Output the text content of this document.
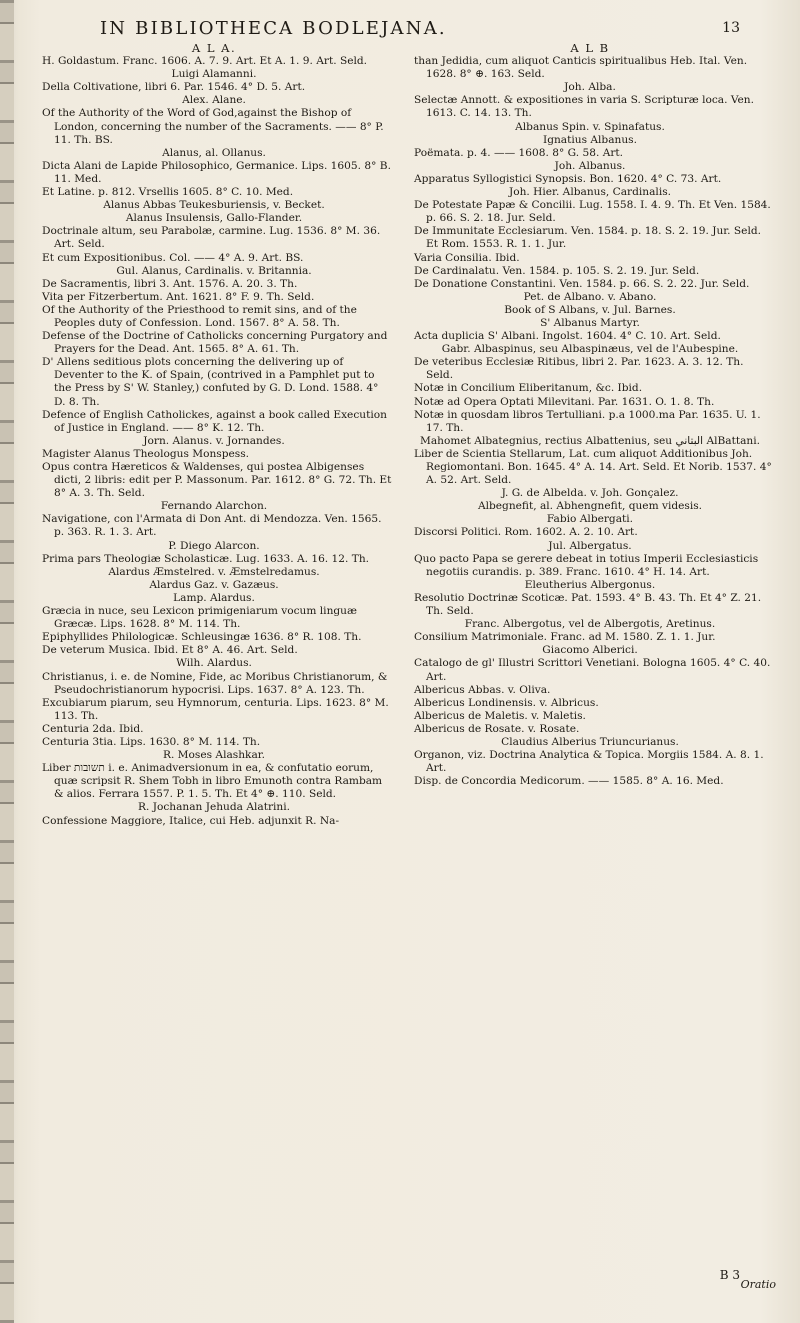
IN BIBLIOTHECA BODLEJANA.	13

A L A.

H. Goldastum. Franc. 1606. A. 7. 9. Art. Et A. 1. 9. Art. Seld.

Luigi Alamanni.

Della Coltivatione, libri 6. Par. 1546. 4° D. 5. Art.

Alex. Alane.

Of the Authority of the Word of God,against the Bishop of London, concerning the number of the Sacraments. —— 8° P. 11. Th. BS.

Alanus, al. Ollanus.

Dicta Alani de Lapide Philosophico, Germanice. Lips. 1605. 8° B. 11. Med.

Et Latine. p. 812. Vrsellis 1605. 8° C. 10. Med.

Alanus Abbas Teukesburiensis, v. Becket.

Alanus Insulensis, Gallo-Flander.

Doctrinale altum, seu Parabolæ, carmine. Lug. 1536. 8° M. 36. Art. Seld.

Et cum Expositionibus. Col. —— 4° A. 9. Art. BS.

Gul. Alanus, Cardinalis. v. Britannia.

De Sacramentis, libri 3. Ant. 1576. A. 20. 3. Th.

Vita per Fitzerbertum. Ant. 1621. 8° F. 9. Th. Seld.

Of the Authority of the Priesthood to remit sins, and of the Peoples duty of Confession. Lond. 1567. 8° A. 58. Th.

Defense of the Doctrine of Catholicks concerning Purgatory and Prayers for the Dead. Ant. 1565. 8° A. 61. Th.

D' Allens seditious plots concerning the delivering up of Deventer to the K. of Spain, (contrived in a Pamphlet put to the Press by S' W. Stanley,) confuted by G. D. Lond. 1588. 4° D. 8. Th.

Defence of English Catholickes, against a book called Execution of Justice in England. —— 8° K. 12. Th.

Jorn. Alanus. v. Jornandes.

Magister Alanus Theologus Monspess.

Opus contra Hæreticos & Waldenses, qui postea Albigenses dicti, 2 libris: edit per P. Massonum. Par. 1612. 8° G. 72. Th. Et 8° A. 3. Th. Seld.

Fernando Alarchon.

Navigatione, con l'Armata di Don Ant. di Mendozza. Ven. 1565. p. 363. R. 1. 3. Art.

P. Diego Alarcon.

Prima pars Theologiæ Scholasticæ. Lug. 1633. A. 16. 12. Th.

Alardus Æmstelred. v. Æmstelredamus.

Alardus Gaz. v. Gazæus.

Lamp. Alardus.

Græcia in nuce, seu Lexicon primigeniarum vocum linguæ Græcæ. Lips. 1628. 8° M. 114. Th.

Epiphyllides Philologicæ. Schleusingæ 1636. 8° R. 108. Th.

De veterum Musica. Ibid. Et 8° A. 46. Art. Seld.

Wilh. Alardus.

Christianus, i. e. de Nomine, Fide, ac Moribus Christianorum, & Pseudochristianorum hypocrisi. Lips. 1637. 8° A. 123. Th.

Excubiarum piarum, seu Hymnorum, centuria. Lips. 1623. 8° M. 113. Th.

Centuria 2da. Ibid.

Centuria 3tia. Lips. 1630. 8° M. 114. Th.

R. Moses Alashkar.

Liber תשובות i. e. Animadversionum in ea, & confutatio eorum, quæ scripsit R. Shem Tobh in libro Emunoth contra Rambam & alios. Ferrara 1557. P. 1. 5. Th. Et 4° ⊕. 110. Seld.

R. Jochanan Jehuda Alatrini.

Confessione Maggiore, Italice, cui Heb. adjunxit R. Na-

A L B

than Jedidia, cum aliquot Canticis spiritualibus Heb. Ital. Ven. 1628. 8° ⊕. 163. Seld.

Joh. Alba.

Selectæ Annott. & expositiones in varia S. Scripturæ loca. Ven. 1613. C. 14. 13. Th.

Albanus Spin. v. Spinafatus.

Ignatius Albanus.

Poëmata. p. 4. —— 1608. 8° G. 58. Art.

Joh. Albanus.

Apparatus Syllogistici Synopsis. Bon. 1620. 4° C. 73. Art.

Joh. Hier. Albanus, Cardinalis.

De Potestate Papæ & Concilii. Lug. 1558. I. 4. 9. Th. Et Ven. 1584. p. 66. S. 2. 18. Jur. Seld.

De Immunitate Ecclesiarum. Ven. 1584. p. 18. S. 2. 19. Jur. Seld. Et Rom. 1553. R. 1. 1. Jur.

Varia Consilia. Ibid.

De Cardinalatu. Ven. 1584. p. 105. S. 2. 19. Jur. Seld.

De Donatione Constantini. Ven. 1584. p. 66. S. 2. 22. Jur. Seld.

Pet. de Albano. v. Abano.

Book of S Albans, v. Jul. Barnes.

S' Albanus Martyr.

Acta duplicia S' Albani. Ingolst. 1604. 4° C. 10. Art. Seld.

Gabr. Albaspinus, seu Albaspinæus, vel de l'Aubespine.

De veteribus Ecclesiæ Ritibus, libri 2. Par. 1623. A. 3. 12. Th. Seld.

Notæ in Concilium Eliberitanum, &c. Ibid.

Notæ ad Opera Optati Milevitani. Par. 1631. O. 1. 8. Th.

Notæ in quosdam libros Tertulliani. p.a 1000.ma Par. 1635. U. 1. 17. Th.

Mahomet Albategnius, rectius Albattenius, seu البتاني AlBattani.

Liber de Scientia Stellarum, Lat. cum aliquot Additionibus Joh. Regiomontani. Bon. 1645. 4° A. 14. Art. Seld. Et Norib. 1537. 4° A. 52. Art. Seld.

J. G. de Albelda. v. Joh. Gonçalez.

Albegnefit, al. Abhengnefit, quem videsis.

Fabio Albergati.

Discorsi Politici. Rom. 1602. A. 2. 10. Art.

Jul. Albergatus.

Quo pacto Papa se gerere debeat in totius Imperii Ecclesiasticis negotiis curandis. p. 389. Franc. 1610. 4° H. 14. Art.

Eleutherius Albergonus.

Resolutio Doctrinæ Scoticæ. Pat. 1593. 4° B. 43. Th. Et 4° Z. 21. Th. Seld.

Franc. Albergotus, vel de Albergotis, Aretinus.

Consilium Matrimoniale. Franc. ad M. 1580. Z. 1. 1. Jur.

Giacomo Alberici.

Catalogo de gl' Illustri Scrittori Venetiani. Bologna 1605. 4° C. 40. Art.

Albericus Abbas. v. Oliva.

Albericus Londinensis. v. Albricus.

Albericus de Maletis. v. Maletis.

Albericus de Rosate. v. Rosate.

Claudius Alberius Triuncurianus.

Organon, viz. Doctrina Analytica & Topica. Morgiis 1584. A. 8. 1. Art.

Disp. de Concordia Medicorum. —— 1585. 8° A. 16. Med.

B 3
Oratio
